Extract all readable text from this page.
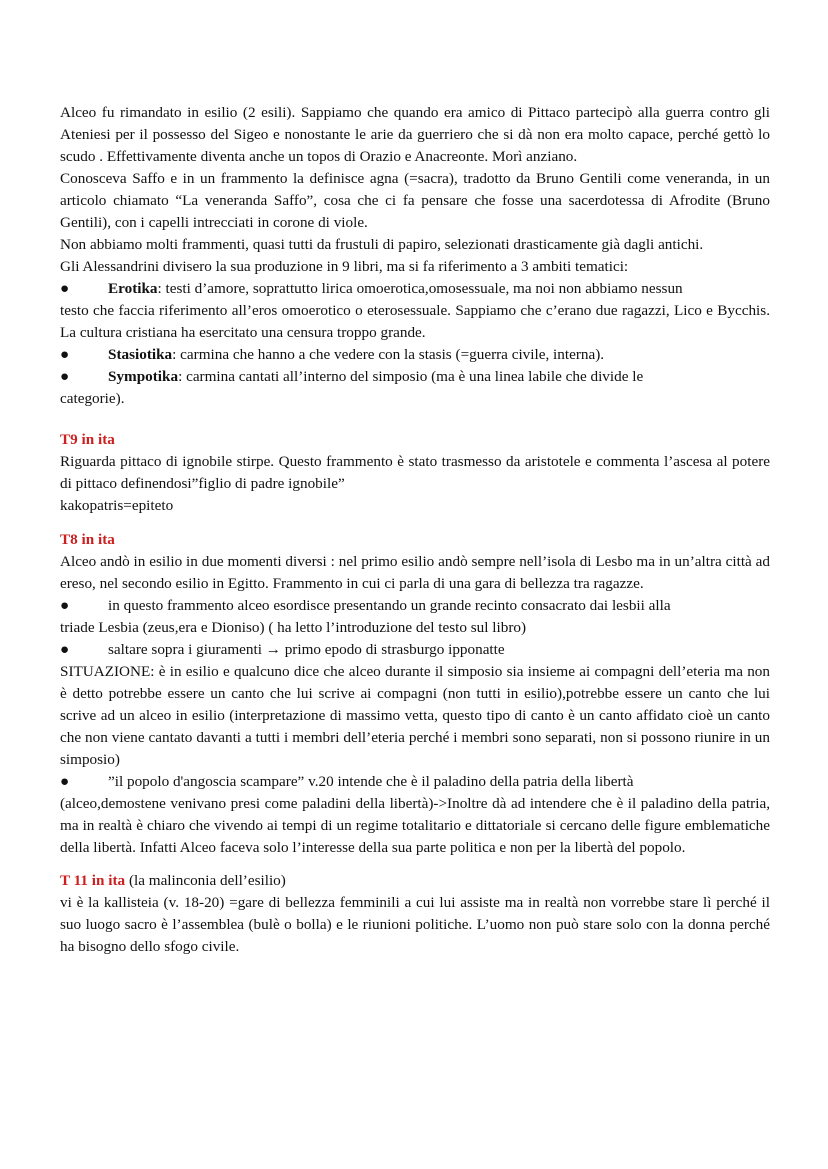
Alceo fu rimandato in esilio (2 esili). Sappiamo che quando era amico di Pittaco partecipò alla guerra contro gli Ateniesi per il possesso del Sigeo e nonostante le arie da guerriero che si dà non era molto capace, perché gettò lo scudo . Effettivamente diventa anche un topos di Orazio e Anacreonte. Morì anziano.

Conosceva Saffo e in un frammento la definisce agna (=sacra), tradotto da Bruno Gentili come veneranda, in un articolo chiamato “La veneranda Saffo”, cosa che ci fa pensare che fosse una sacerdotessa di Afrodite (Bruno Gentili), con i capelli intrecciati in corone di viole.

Non abbiamo molti frammenti, quasi tutti da frustuli di papiro, selezionati drasticamente già dagli antichi.

Gli Alessandrini divisero la sua produzione in 9 libri, ma si fa riferimento a 3 ambiti tematici:

●	Erotika: testi d’amore, soprattutto lirica omoerotica,omosessuale, ma noi non abbiamo nessun

testo che faccia riferimento all’eros omoerotico o eterosessuale. Sappiamo che c’erano due ragazzi, Lico e Bycchis. La cultura cristiana ha esercitato una censura troppo grande.

●	Stasiotika: carmina che hanno a che vedere con la stasis (=guerra civile, interna).
●	Sympotika: carmina cantati all’interno del simposio (ma è una linea labile che divide le

categorie).

T9 in ita

Riguarda pittaco di ignobile stirpe. Questo frammento è stato trasmesso da aristotele e commenta l’ascesa al potere di pittaco definendosi”figlio di padre ignobile”

kakopatris=epiteto

T8 in ita

Alceo andò in esilio in due momenti diversi : nel primo esilio andò sempre nell’isola di Lesbo ma in un’altra città ad ereso, nel secondo esilio in Egitto. Frammento in cui ci parla di una gara di bellezza tra ragazze.

●	in questo frammento alceo esordisce presentando un grande recinto consacrato dai lesbii alla

triade Lesbia (zeus,era e Dioniso) ( ha letto l’introduzione del testo sul libro)

●	saltare sopra i giuramenti → primo epodo di strasburgo ipponatte

SITUAZIONE: è in esilio e qualcuno dice che alceo durante il simposio sia insieme ai compagni dell’eteria ma non è detto potrebbe essere un canto che lui scrive ai compagni (non tutti in esilio),potrebbe essere un canto che lui scrive ad un alceo in esilio (interpretazione di massimo vetta, questo tipo di canto è un canto affidato cioè un canto che non viene cantato davanti a tutti i membri dell’eteria perché i membri sono separati, non si possono riunire in un simposio)

●	”il popolo d'angoscia scampare” v.20 intende che è il paladino della patria della libertà

(alceo,demostene venivano presi come paladini della libertà)->Inoltre dà ad intendere che è il paladino della patria, ma in realtà è chiaro che vivendo ai tempi di un regime totalitario e dittatoriale si cercano delle figure emblematiche della libertà. Infatti Alceo faceva solo l’interesse della sua parte politica e non per la libertà del popolo.

T 11 in ita (la malinconia dell’esilio)

vi è la kallisteia (v. 18-20) =gare di bellezza femminili a cui lui assiste ma in realtà non vorrebbe stare lì perché il suo luogo sacro è l’assemblea (bulè o bolla) e le riunioni politiche. L’uomo non può stare solo con la donna perché ha bisogno dello sfogo civile.
